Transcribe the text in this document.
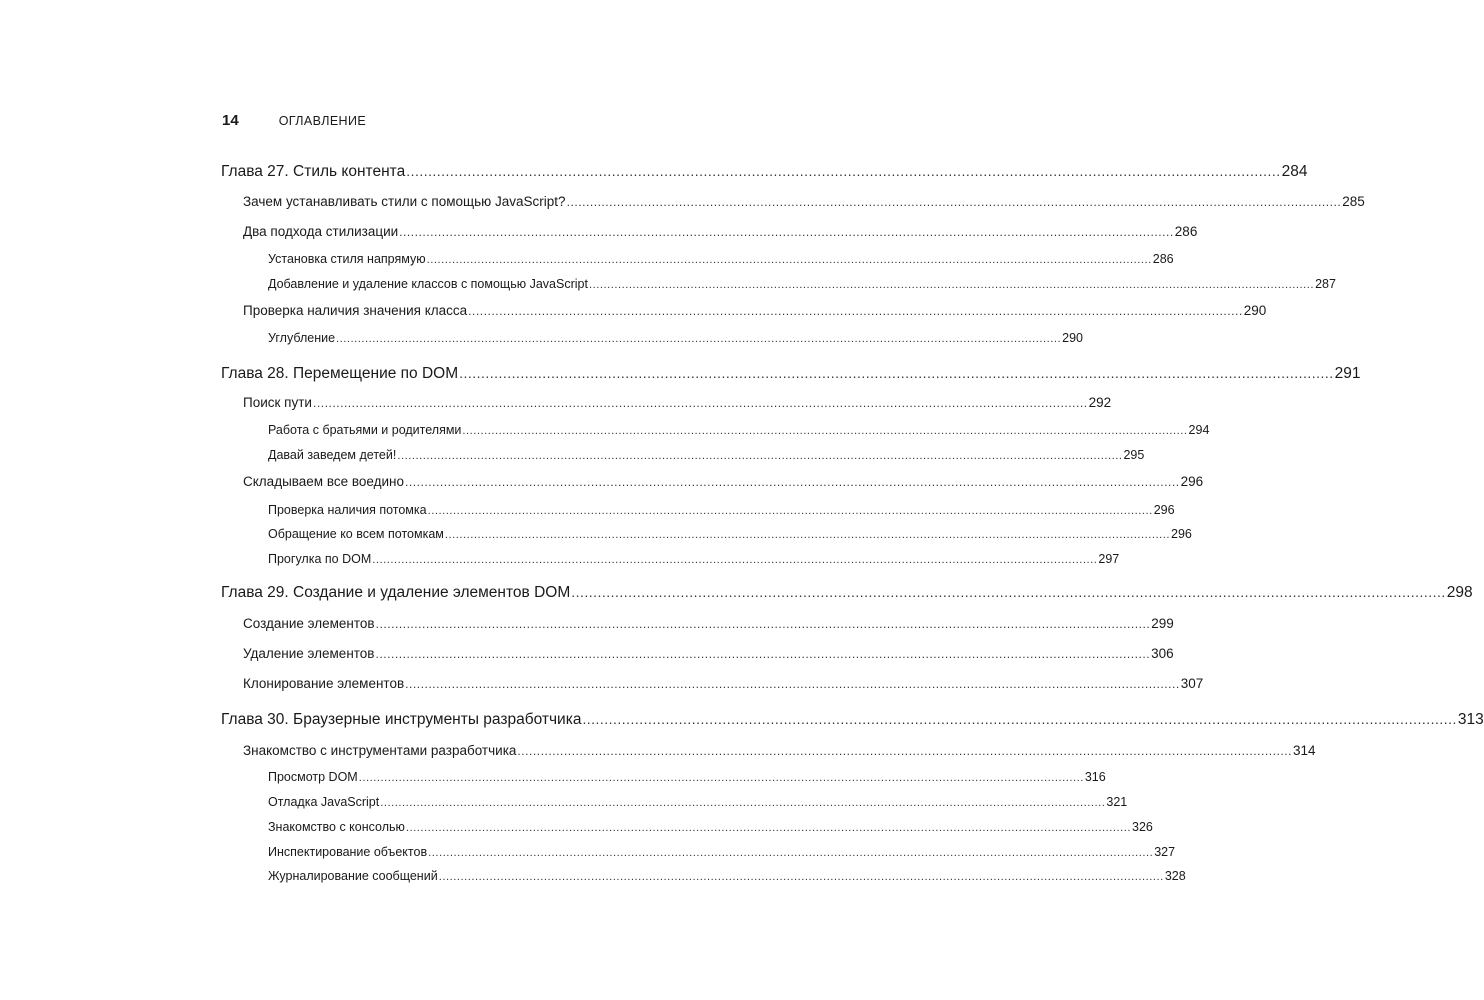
14	ОГЛАВЛЕНИЕ
Глава 27. Стиль контента ........................................................................................................................................................................................................ 284
Зачем устанавливать стили с помощью JavaScript? ........................................................................................................................................................................................................ 285
Два подхода стилизации ........................................................................................................................................................................................................ 286
Установка стиля напрямую ........................................................................................................................................................................................................ 286
Добавление и удаление классов с помощью JavaScript ........................................................................................................................................................................................................ 287
Проверка наличия значения класса ........................................................................................................................................................................................................ 290
Углубление ........................................................................................................................................................................................................ 290
Глава 28. Перемещение по DOM ........................................................................................................................................................................................................ 291
Поиск пути ........................................................................................................................................................................................................ 292
Работа с братьями и родителями ........................................................................................................................................................................................................ 294
Давай заведем детей! ........................................................................................................................................................................................................ 295
Складываем все воедино ........................................................................................................................................................................................................ 296
Проверка наличия потомка ........................................................................................................................................................................................................ 296
Обращение ко всем потомкам ........................................................................................................................................................................................................ 296
Прогулка по DOM ........................................................................................................................................................................................................ 297
Глава 29. Создание и удаление элементов DOM ........................................................................................................................................................................................................ 298
Создание элементов ........................................................................................................................................................................................................ 299
Удаление элементов ........................................................................................................................................................................................................ 306
Клонирование элементов ........................................................................................................................................................................................................ 307
Глава 30. Браузерные инструменты разработчика ........................................................................................................................................................................................................ 313
Знакомство с инструментами разработчика ........................................................................................................................................................................................................ 314
Просмотр DOM ........................................................................................................................................................................................................ 316
Отладка JavaScript ........................................................................................................................................................................................................ 321
Знакомство с консолью ........................................................................................................................................................................................................ 326
Инспектирование объектов ........................................................................................................................................................................................................ 327
Журналирование сообщений ........................................................................................................................................................................................................ 328
